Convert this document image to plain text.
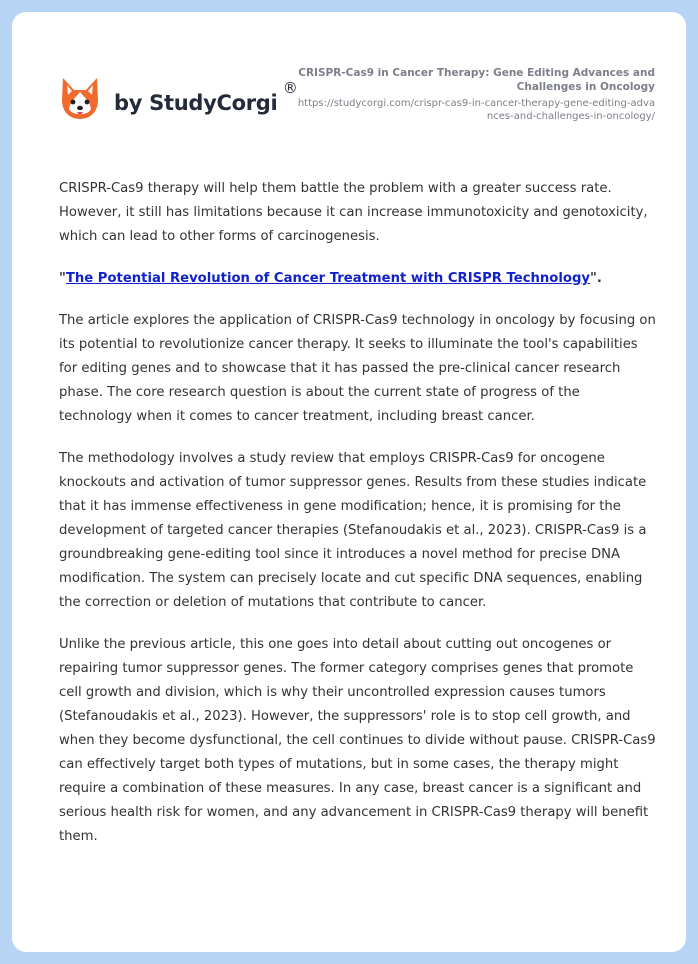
by StudyCorgi
®
CRISPR-Cas9 in Cancer Therapy: Gene Editing Advances and Challenges in Oncology
https://studycorgi.com/crispr-cas9-in-cancer-therapy-gene-editing-advances-and-challenges-in-oncology/

CRISPR-Cas9 therapy will help them battle the problem with a greater success rate. However, it still has limitations because it can increase immunotoxicity and genotoxicity, which can lead to other forms of carcinogenesis.

"The Potential Revolution of Cancer Treatment with CRISPR Technology".

The article explores the application of CRISPR-Cas9 technology in oncology by focusing on its potential to revolutionize cancer therapy. It seeks to illuminate the tool's capabilities for editing genes and to showcase that it has passed the pre-clinical cancer research phase. The core research question is about the current state of progress of the technology when it comes to cancer treatment, including breast cancer.

The methodology involves a study review that employs CRISPR-Cas9 for oncogene knockouts and activation of tumor suppressor genes. Results from these studies indicate that it has immense effectiveness in gene modification; hence, it is promising for the development of targeted cancer therapies (Stefanoudakis et al., 2023). CRISPR-Cas9 is a groundbreaking gene-editing tool since it introduces a novel method for precise DNA modification. The system can precisely locate and cut specific DNA sequences, enabling the correction or deletion of mutations that contribute to cancer.

Unlike the previous article, this one goes into detail about cutting out oncogenes or repairing tumor suppressor genes. The former category comprises genes that promote cell growth and division, which is why their uncontrolled expression causes tumors (Stefanoudakis et al., 2023). However, the suppressors' role is to stop cell growth, and when they become dysfunctional, the cell continues to divide without pause. CRISPR-Cas9 can effectively target both types of mutations, but in some cases, the therapy might require a combination of these measures. In any case, breast cancer is a significant and serious health risk for women, and any advancement in CRISPR-Cas9 therapy will benefit them.
